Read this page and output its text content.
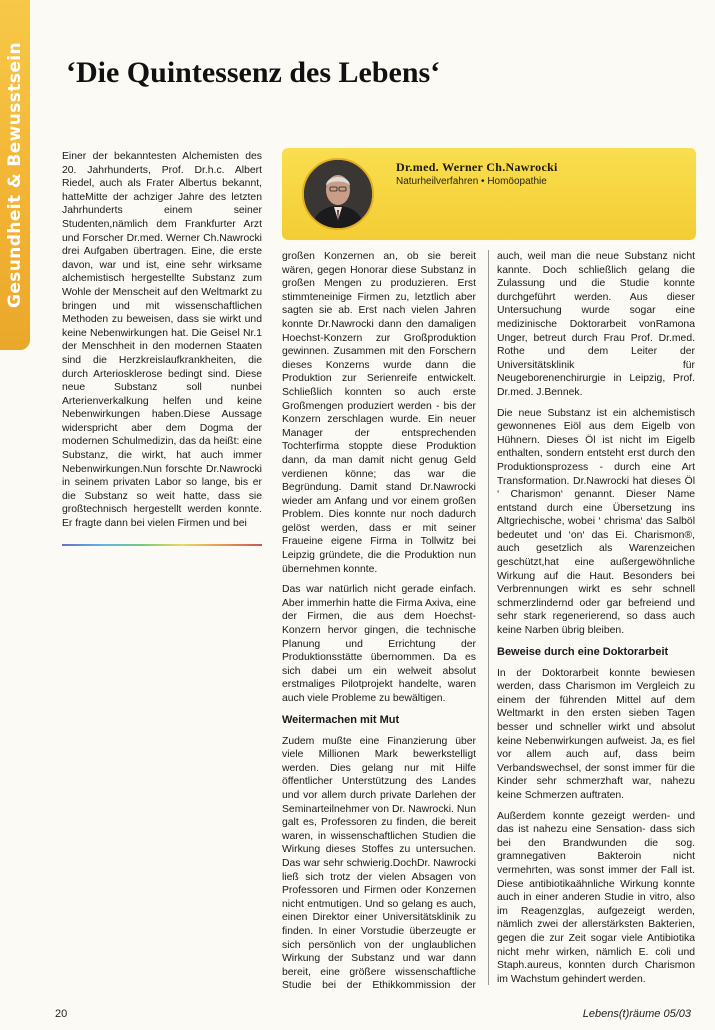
Gesundheit & Bewusstsein ‘Die Quintessenz des Lebens‘

Einer der bekanntesten Alchemisten des 20. Jahrhunderts, Prof. Dr.h.c. Albert Riedel, auch als Frater Albertus bekannt, hatteMitte der achziger Jahre des letzten Jahrhunderts einem seiner Studenten,nämlich dem Frankfurter Arzt und Forscher Dr.med. Werner Ch.Nawrocki drei Aufgaben übertragen. Eine, die erste davon, war und ist, eine sehr wirksame alchemistisch hergestellte Substanz zum Wohle der Menscheit auf den Weltmarkt zu bringen und mit wissenschaftlichen Methoden zu beweisen, dass sie wirkt und keine Nebenwirkungen hat. Die Geisel Nr.1 der Menschheit in den modernen Staaten sind die Herzkreislaufkrankheiten, die durch Arteriosklerose bedingt sind. Diese neue Substanz soll nunbei Arterienverkalkung helfen und keine Nebenwirkungen haben.Diese Aussage widerspricht aber dem Dogma der modernen Schulmedizin, das da heißt: eine Substanz, die wirkt, hat auch immer Nebenwirkungen.Nun forschte Dr.Nawrocki in seinem privaten Labor so lange, bis er die Substanz so weit hatte, dass sie großtechnisch hergestellt werden konnte. Er fragte dann bei vielen Firmen und bei

Dr.med. Werner Ch.Nawrocki
Naturheilverfahren • Homöopathie

großen Konzernen an, ob sie bereit wären, gegen Honorar diese Substanz in großen Mengen zu produzieren. Erst stimmteneinige Firmen zu, letztlich aber sagten sie ab. Erst nach vielen Jahren konnte Dr.Nawrocki dann den damaligen Hoechst-Konzern zur Großproduktion gewinnen. Zusammen mit den Forschern dieses Konzerns wurde dann die Produktion zur Serienreife entwickelt. Schließlich konnten so auch erste Großmengen produziert werden - bis der Konzern zerschlagen wurde. Ein neuer Manager der entsprechenden Tochterfirma stoppte diese Produktion dann, da man damit nicht genug Geld verdienen könne; das war die Begründung. Damit stand Dr.Nawrocki wieder am Anfang und vor einem großen Problem. Dies konnte nur noch dadurch gelöst werden, dass er mit seiner Fraueine eigene Firma in Tollwitz bei Leipzig gründete, die die Produktion nun übernehmen konnte.

Das war natürlich nicht gerade einfach. Aber immerhin hatte die Firma Axiva, eine der Firmen, die aus dem Hoechst-Konzern hervor gingen, die technische Planung und Errichtung der Produktionsstätte übernommen. Da es sich dabei um ein welweit absolut erstmaliges Pilotprojekt handelte, waren auch viele Probleme zu bewältigen.

Weitermachen mit Mut

Zudem mußte eine Finanzierung über viele Millionen Mark bewerkstelligt werden. Dies gelang nur mit Hilfe öffentlicher Unterstützung des Landes und vor allem durch private Darlehen der Seminarteilnehmer von Dr. Nawrocki. Nun galt es, Professoren zu finden, die bereit waren, in wissenschaftlichen Studien die Wirkung dieses Stoffes zu untersuchen. Das war sehr schwierig.DochDr. Nawrocki ließ sich trotz der vielen Absagen von Professoren und Firmen oder Konzernen nicht entmutigen. Und so gelang es auch, einen Direktor einer Universitätsklinik zu finden. In einer Vorstudie überzeugte er sich persönlich von der unglaublichen Wirkung der Substanz und war dann bereit, eine größere wissenschaftliche Studie bei der Ethikkommission der

auch, weil man die neue Substanz nicht kannte. Doch schließlich gelang die Zulassung und die Studie konnte durchgeführt werden. Aus dieser Untersuchung wurde sogar eine medizinische Doktorarbeit vonRamona Unger, betreut durch Frau Prof. Dr.med. Rothe und dem Leiter der Universitätsklinik für Neugeborenenchirurgie in Leipzig, Prof. Dr.med. J.Bennek.

Die neue Substanz ist ein alchemistisch gewonnenes Eiöl aus dem Eigelb von Hühnern. Dieses Öl ist nicht im Eigelb enthalten, sondern entsteht erst durch den Produktionsprozess - durch eine Art Transformation. Dr.Nawrocki hat dieses Öl ‘ Charismon‘ genannt. Dieser Name entstand durch eine Übersetzung ins Altgriechische, wobei ‘ chrisma‘ das Salböl bedeutet und ‘on‘ das Ei. Charismon®, auch gesetzlich als Warenzeichen geschützt,hat eine außergewöhnliche Wirkung auf die Haut. Besonders bei Verbrennungen wirkt es sehr schnell schmerzlindernd oder gar befreiend und sehr stark regenerierend, so dass auch keine Narben übrig bleiben.

Beweise durch eine Doktorarbeit

In der Doktorarbeit konnte bewiesen werden, dass Charismon im Vergleich zu einem der führenden Mittel auf dem Weltmarkt in den ersten sieben Tagen besser und schneller wirkt und absolut keine Nebenwirkungen aufweist. Ja, es fiel vor allem auch auf, dass beim Verbandswechsel, der sonst immer für die Kinder sehr schmerzhaft war, nahezu keine Schmerzen auftraten.

Außerdem konnte gezeigt werden- und das ist nahezu eine Sensation- dass sich bei den Brandwunden die sog. gramnegativen Bakteroin nicht vermehrten, was sonst immer der Fall ist. Diese antibiotikaähnliche Wirkung konnte auch in einer anderen Studie in vitro, also im Reagenzglas, aufgezeigt werden, nämlich zwei der allerstärksten Bakterien, gegen die zur Zeit sogar viele Antibiotika nicht mehr wirken, nämlich E. coli und Staph.aureus, konnten durch Charismon im Wachstum gehindert werden.

20	Lebens(t)räume 05/03
